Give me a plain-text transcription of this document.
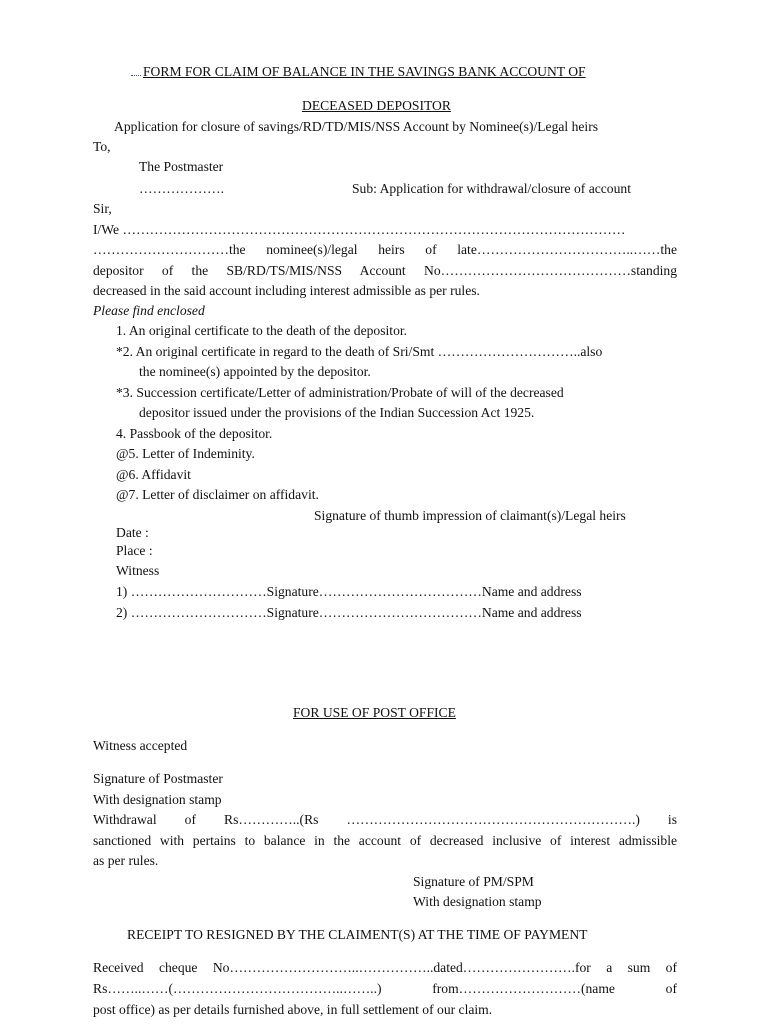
FORM FOR CLAIM OF BALANCE IN THE SAVINGS BANK ACCOUNT OF
DECEASED DEPOSITOR
Application for closure of savings/RD/TD/MIS/NSS Account by Nominee(s)/Legal heirs
To,
The Postmaster
……………….	Sub: Application for withdrawal/closure of account
Sir,
I/We …………………………………………………………………………………………………
…………………………the nominee(s)/legal heirs of late……………………………..……the
depositor of the SB/RD/TS/MIS/NSS Account No……………………………………standing
decreased in the said account including interest admissible as per rules.
Please find enclosed
1. An original certificate to the death of the depositor.
*2. An original certificate in regard to the death of Sri/Smt …………………………..also
the nominee(s) appointed by the depositor.
*3. Succession certificate/Letter of administration/Probate of will of the decreased
depositor issued under the provisions of the Indian Succession Act 1925.
4. Passbook of the depositor.
@5. Letter of Indeminity.
@6. Affidavit
@7. Letter of disclaimer on affidavit.
Signature of thumb impression of claimant(s)/Legal heirs
Date :
Place :
Witness
1) …………………………Signature………………………………Name and address
2) …………………………Signature………………………………Name and address
FOR USE OF POST OFFICE
Witness accepted
Signature of Postmaster
With designation stamp
Withdrawal of Rs…………..(Rs ……………………………………………………….) is
sanctioned with pertains to balance in the account of decreased inclusive of interest admissible
as per rules.
Signature of PM/SPM
With designation stamp
RECEIPT TO RESIGNED BY THE CLAIMENT(S) AT THE TIME OF PAYMENT
Received cheque No………………………..……………..dated…………………….for a sum of
Rs……..……(………………………………..……..) from………………………(name of
post office) as per details furnished above, in full settlement of our claim.
